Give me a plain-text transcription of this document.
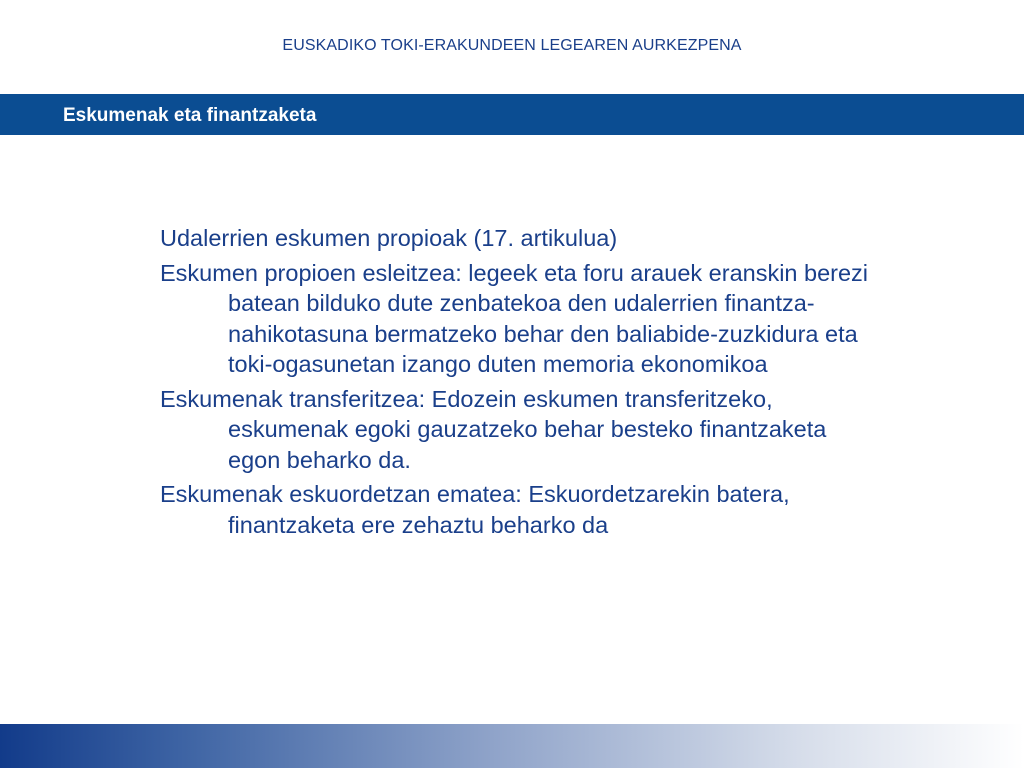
EUSKADIKO TOKI-ERAKUNDEEN LEGEAREN AURKEZPENA
Eskumenak eta finantzaketa

Udalerrien eskumen propioak (17. artikulua)

Eskumen propioen esleitzea: legeek eta foru arauek eranskin berezi batean bilduko dute zenbatekoa den udalerrien finantza-nahikotasuna bermatzeko behar den baliabide-zuzkidura eta toki-ogasunetan izango duten memoria ekonomikoa

Eskumenak transferitzea: Edozein eskumen transferitzeko, eskumenak egoki gauzatzeko behar besteko finantzaketa egon beharko da.

Eskumenak eskuordetzan ematea: Eskuordetzarekin batera, finantzaketa ere zehaztu beharko da
